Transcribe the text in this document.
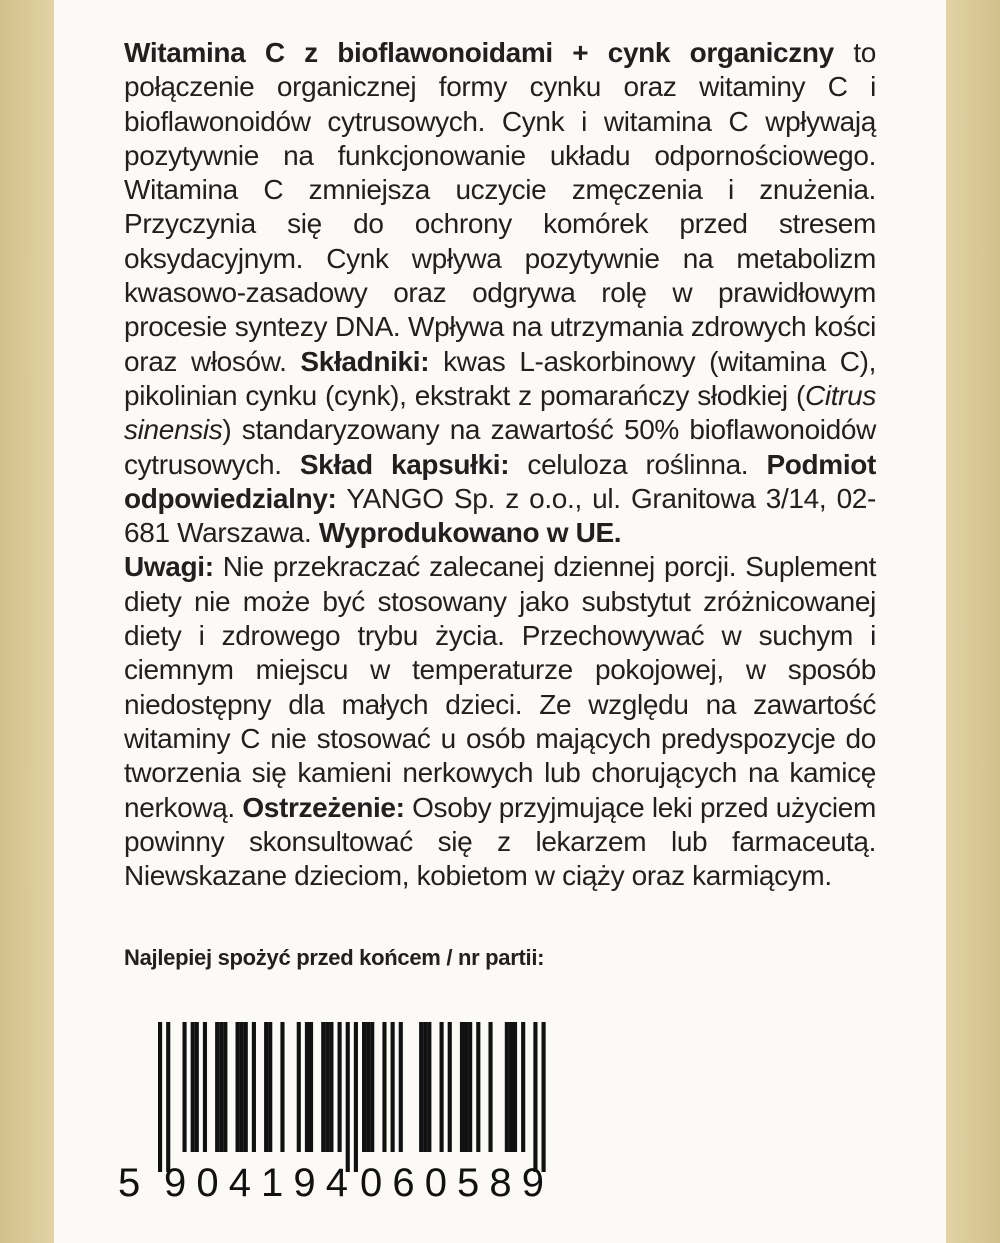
Witamina C z bioflawonoidami + cynk organiczny to połączenie organicznej formy cynku oraz witaminy C i bioflawonoidów cytrusowych. Cynk i witamina C wpływają pozytywnie na funkcjonowanie układu odpornościowego. Witamina C zmniejsza uczycie zmęczenia i znużenia. Przyczynia się do ochrony komórek przed stresem oksydacyjnym. Cynk wpływa pozytywnie na metabolizm kwasowo-zasadowy oraz odgrywa rolę w prawidłowym procesie syntezy DNA. Wpływa na utrzymania zdrowych kości oraz włosów. Składniki: kwas L-askorbinowy (witamina C), pikolinian cynku (cynk), ekstrakt z pomarańczy słodkiej (Citrus sinensis) standaryzowany na zawartość 50% bioflawonoidów cytrusowych. Skład kapsułki: celuloza roślinna. Podmiot odpowiedzialny: YANGO Sp. z o.o., ul. Granitowa 3/14, 02-681 Warszawa. Wyprodukowano w UE.
Uwagi: Nie przekraczać zalecanej dziennej porcji. Suplement diety nie może być stosowany jako substytut zróżnicowanej diety i zdrowego trybu życia. Przechowywać w suchym i ciemnym miejscu w temperaturze pokojowej, w sposób niedostępny dla małych dzieci. Ze względu na zawartość witaminy C nie stosować u osób mających predyspozycje do tworzenia się kamieni nerkowych lub chorujących na kamicę nerkową. Ostrzeżenie: Osoby przyjmujące leki przed użyciem powinny skonsultować się z lekarzem lub farmaceutą. Niewskazane dzieciom, kobietom w ciąży oraz karmiącym.

Najlepiej spożyć przed końcem / nr partii:

5 904194 060589
